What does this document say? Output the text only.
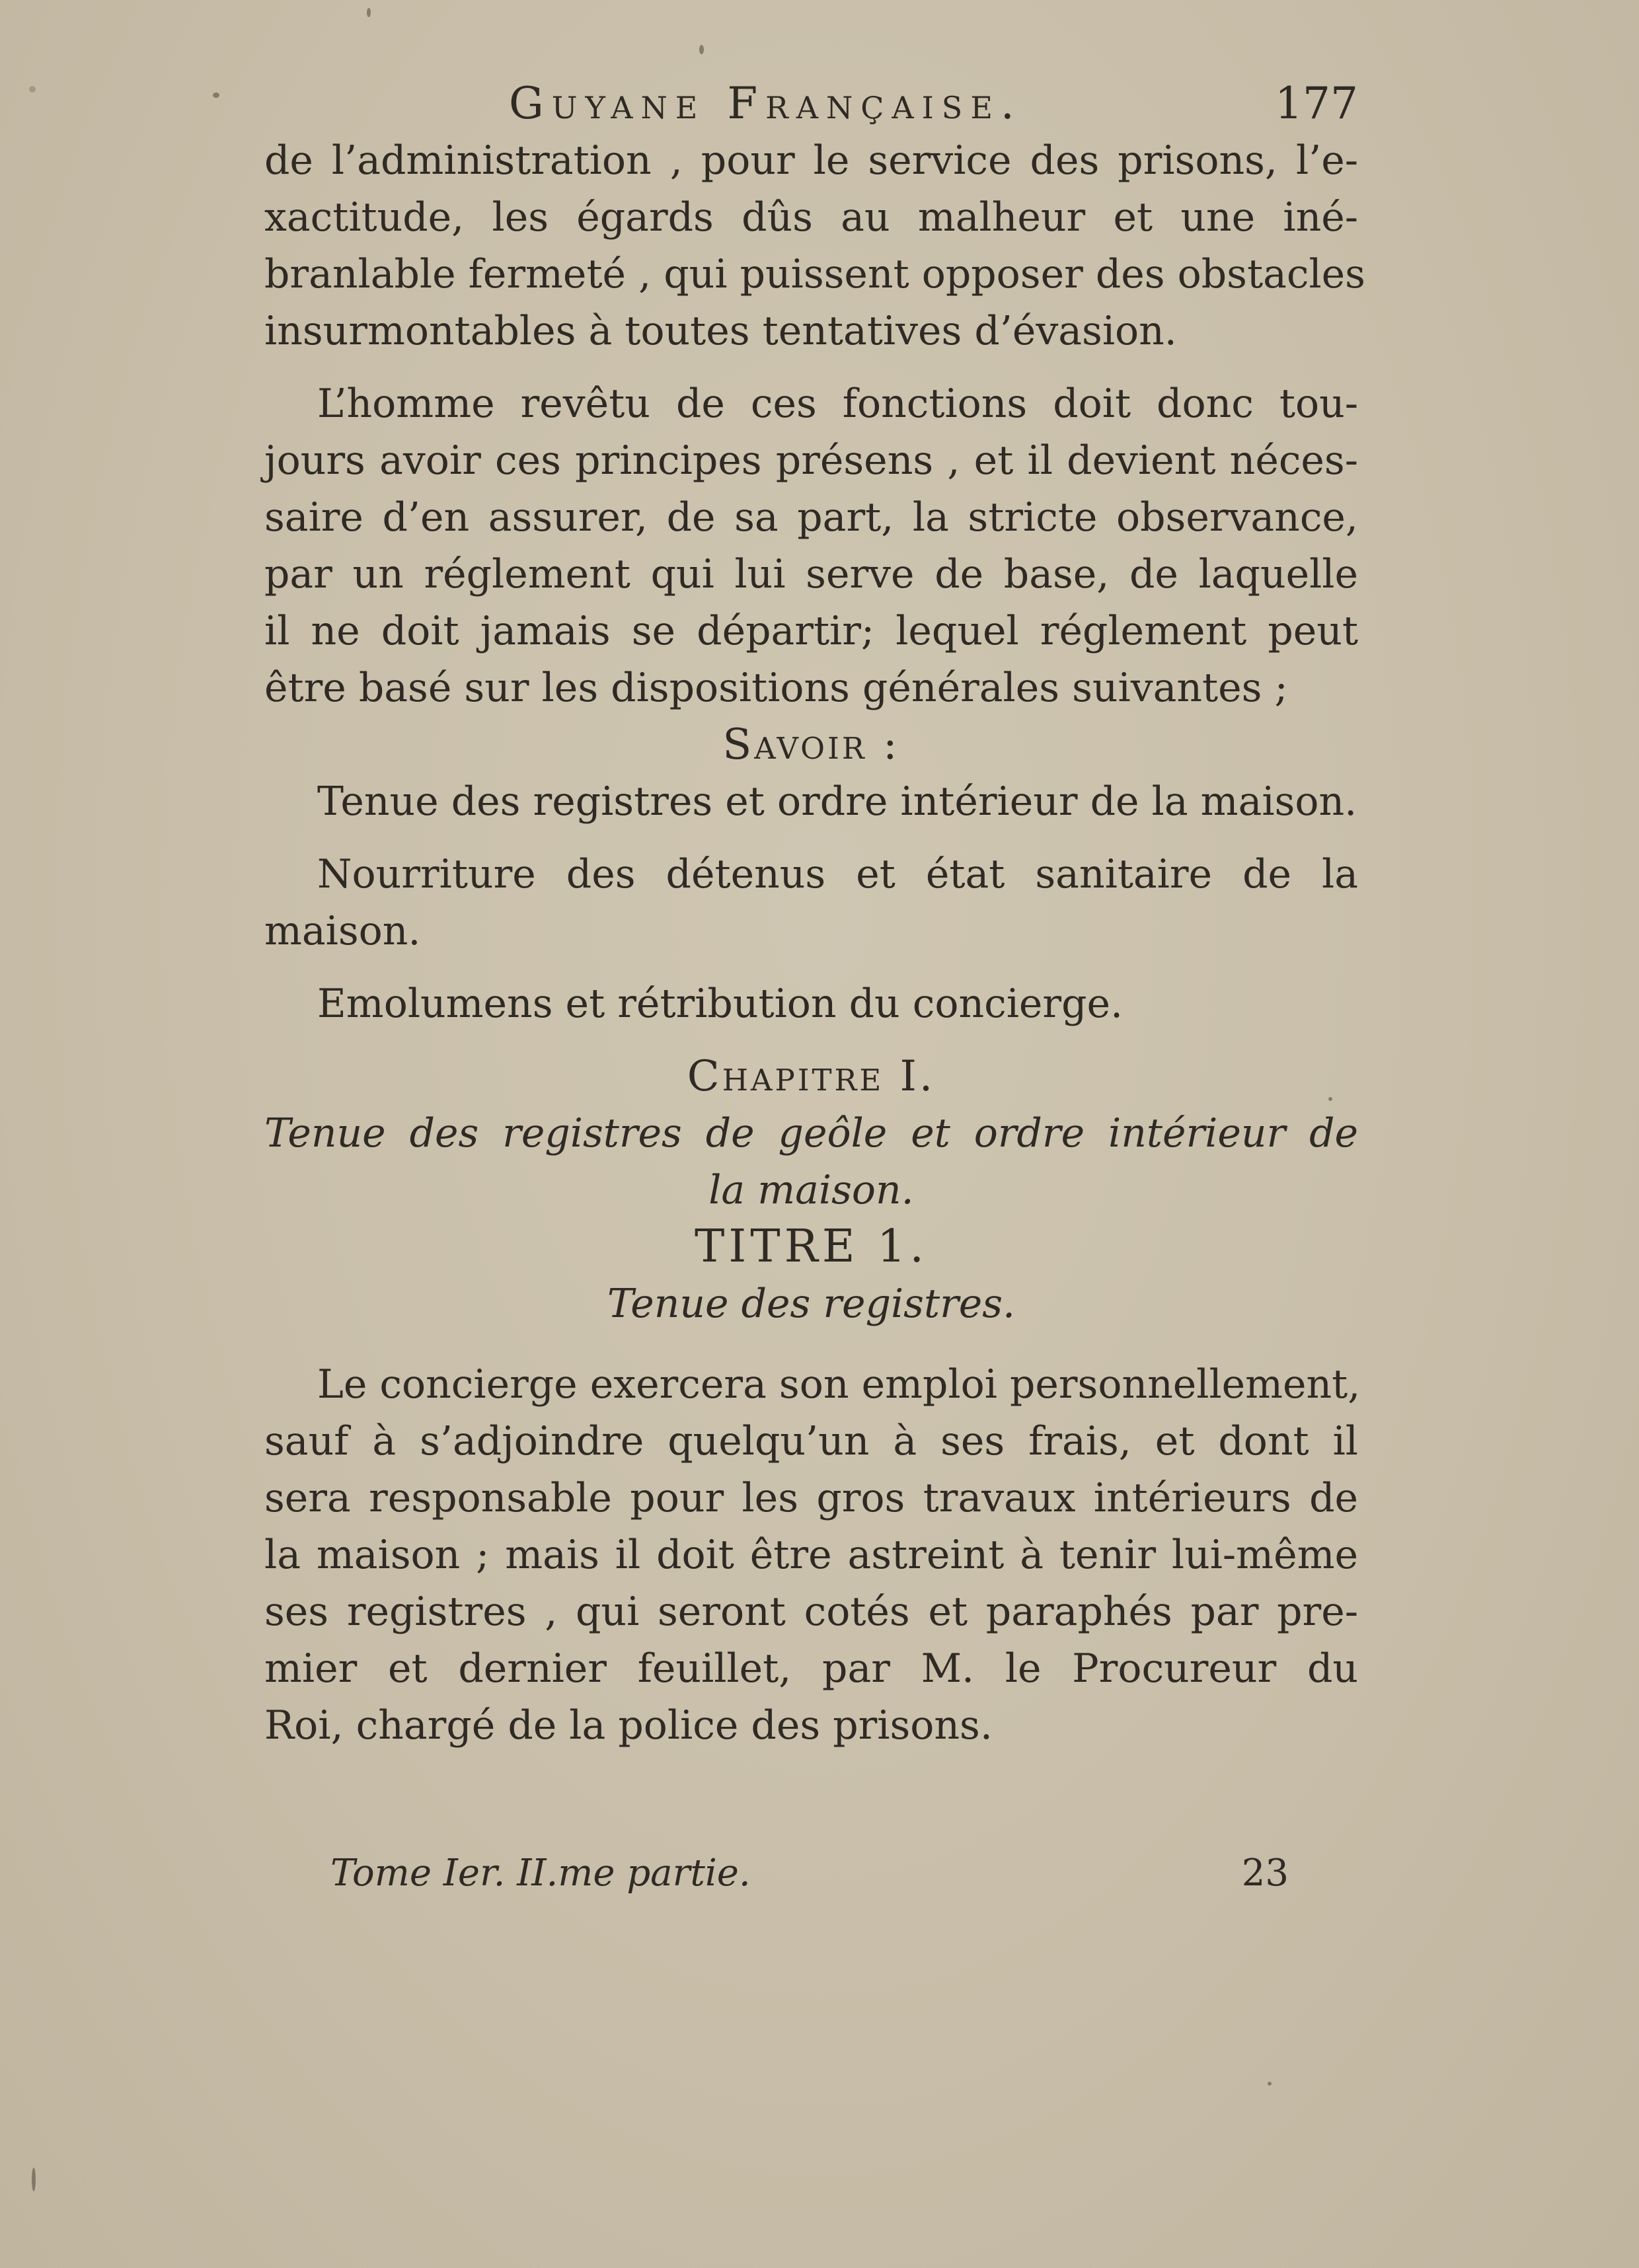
Guyane Française.	177
de l’administration , pour le service des prisons, l’e-
xactitude, les égards dûs au malheur et une iné-
branlable fermeté , qui puissent opposer des obstacles
insurmontables à toutes tentatives d’évasion.
L’homme revêtu de ces fonctions doit donc tou-
jours avoir ces principes présens , et il devient néces-
saire d’en assurer, de sa part, la stricte observance,
par un réglement qui lui serve de base, de laquelle
il ne doit jamais se départir; lequel réglement peut
être basé sur les dispositions générales suivantes ;
Savoir :
Tenue des registres et ordre intérieur de la maison.
Nourriture des détenus et état sanitaire de la
maison.
Emolumens et rétribution du concierge.
Chapitre I.
Tenue des registres de geôle et ordre intérieur de
la maison.
TITRE 1.
Tenue des registres.
Le concierge exercera son emploi personnellement,
sauf à s’adjoindre quelqu’un à ses frais, et dont il
sera responsable pour les gros travaux intérieurs de
la maison ; mais il doit être astreint à tenir lui-même
ses registres , qui seront cotés et paraphés par pre-
mier et dernier feuillet, par M. le Procureur du
Roi, chargé de la police des prisons.
Tome Ier. II.me partie.	23
